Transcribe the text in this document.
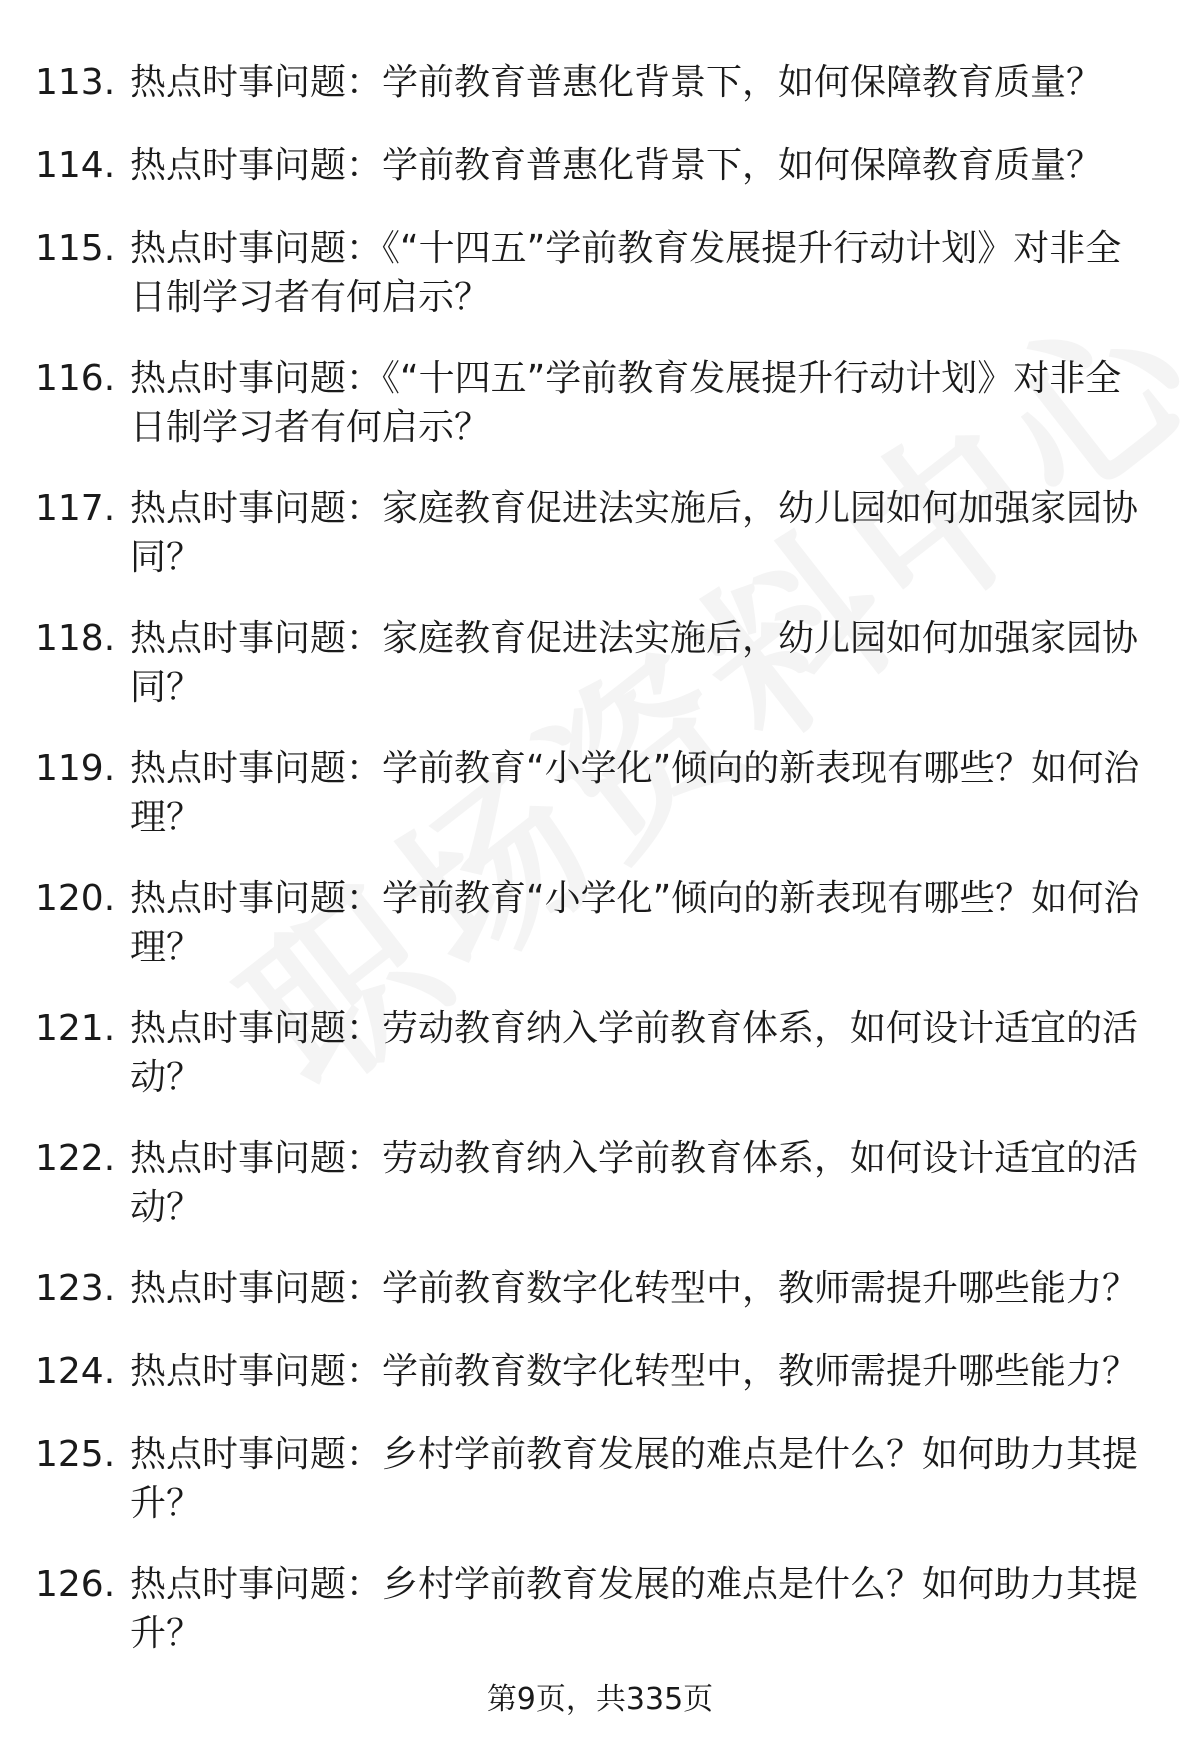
113. 热点时事问题：学前教育普惠化背景下，如何保障教育质量？
114. 热点时事问题：学前教育普惠化背景下，如何保障教育质量？
115. 热点时事问题：《“十四五”学前教育发展提升行动计划》对非全日制学习者有何启示？
116. 热点时事问题：《“十四五”学前教育发展提升行动计划》对非全日制学习者有何启示？
117. 热点时事问题：家庭教育促进法实施后，幼儿园如何加强家园协同？
118. 热点时事问题：家庭教育促进法实施后，幼儿园如何加强家园协同？
119. 热点时事问题：学前教育“小学化”倾向的新表现有哪些？如何治理？
120. 热点时事问题：学前教育“小学化”倾向的新表现有哪些？如何治理？
121. 热点时事问题：劳动教育纳入学前教育体系，如何设计适宜的活动？
122. 热点时事问题：劳动教育纳入学前教育体系，如何设计适宜的活动？
123. 热点时事问题：学前教育数字化转型中，教师需提升哪些能力？
124. 热点时事问题：学前教育数字化转型中，教师需提升哪些能力？
125. 热点时事问题：乡村学前教育发展的难点是什么？如何助力其提升？
126. 热点时事问题：乡村学前教育发展的难点是什么？如何助力其提升？
第9页，共335页
